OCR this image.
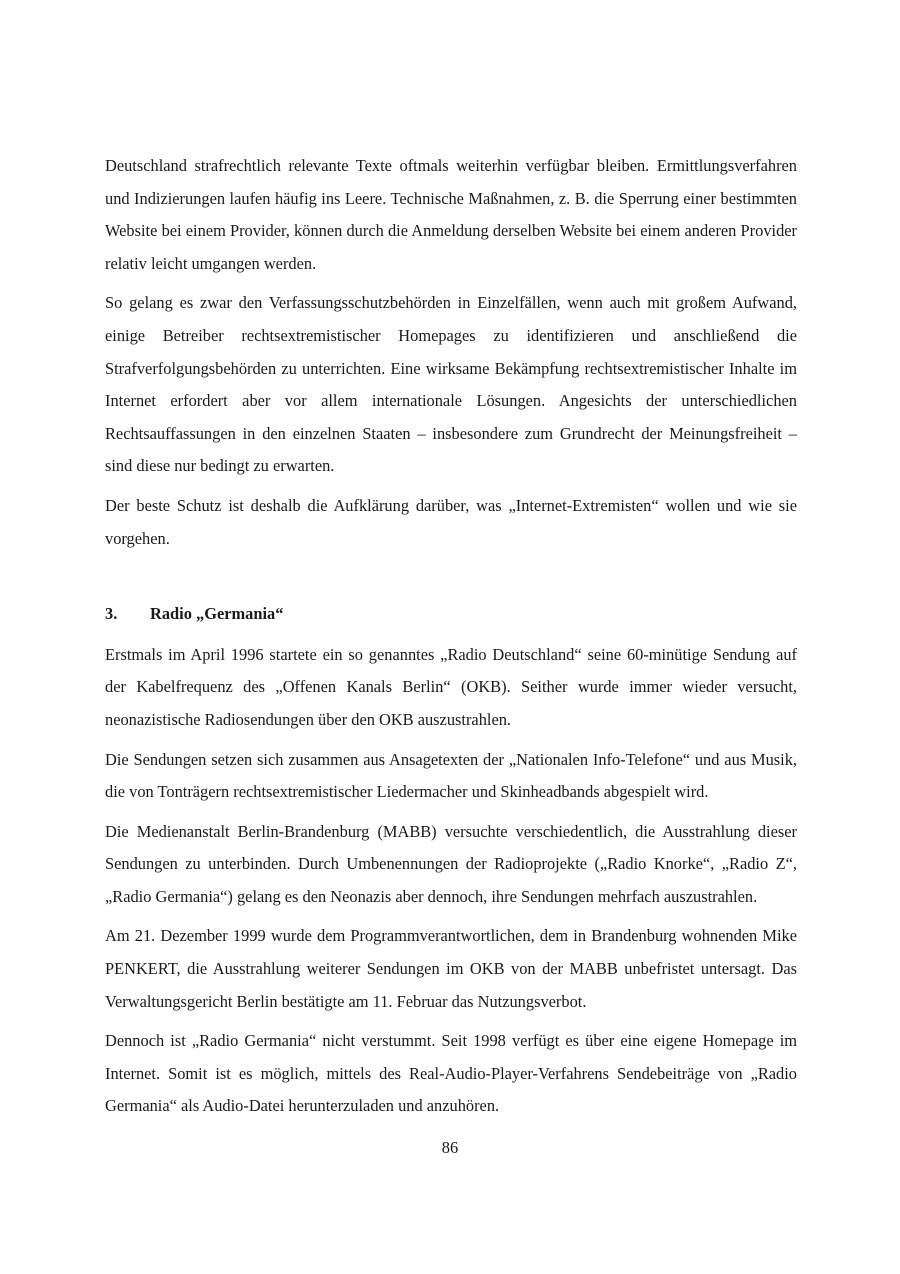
Deutschland strafrechtlich relevante Texte oftmals weiterhin verfügbar bleiben. Ermittlungsverfahren und Indizierungen laufen häufig ins Leere. Technische Maßnahmen, z. B. die Sperrung einer bestimmten Website bei einem Provider, können durch die Anmeldung derselben Website bei einem anderen Provider relativ leicht umgangen werden.

So gelang es zwar den Verfassungsschutzbehörden in Einzelfällen, wenn auch mit großem Aufwand, einige Betreiber rechtsextremistischer Homepages zu identifizieren und anschließend die Strafverfolgungsbehörden zu unterrichten. Eine wirksame Bekämpfung rechtsextremistischer Inhalte im Internet erfordert aber vor allem internationale Lösungen. Angesichts der unterschiedlichen Rechtsauffassungen in den einzelnen Staaten – insbesondere zum Grundrecht der Meinungsfreiheit – sind diese nur bedingt zu erwarten.

Der beste Schutz ist deshalb die Aufklärung darüber, was „Internet-Extremisten“ wollen und wie sie vorgehen.

3.	Radio „Germania“

Erstmals im April 1996 startete ein so genanntes „Radio Deutschland“ seine 60-minütige Sendung auf der Kabelfrequenz des „Offenen Kanals Berlin“ (OKB). Seither wurde immer wieder versucht, neonazistische Radiosendungen über den OKB auszustrahlen.

Die Sendungen setzen sich zusammen aus Ansagetexten der „Nationalen Info-Telefone“ und aus Musik, die von Tonträgern rechtsextremistischer Liedermacher und Skinheadbands abgespielt wird.

Die Medienanstalt Berlin-Brandenburg (MABB) versuchte verschiedentlich, die Ausstrahlung dieser Sendungen zu unterbinden. Durch Umbenennungen der Radioprojekte („Radio Knorke“, „Radio Z“, „Radio Germania“) gelang es den Neonazis aber dennoch, ihre Sendungen mehrfach auszustrahlen.

Am 21. Dezember 1999 wurde dem Programmverantwortlichen, dem in Brandenburg wohnenden Mike PENKERT, die Ausstrahlung weiterer Sendungen im OKB von der MABB unbefristet untersagt. Das Verwaltungsgericht Berlin bestätigte am 11. Februar das Nutzungsverbot.

Dennoch ist „Radio Germania“ nicht verstummt. Seit 1998 verfügt es über eine eigene Homepage im Internet. Somit ist es möglich, mittels des Real-Audio-Player-Verfahrens Sendebeiträge von „Radio Germania“ als Audio-Datei herunterzuladen und anzuhören.

86
